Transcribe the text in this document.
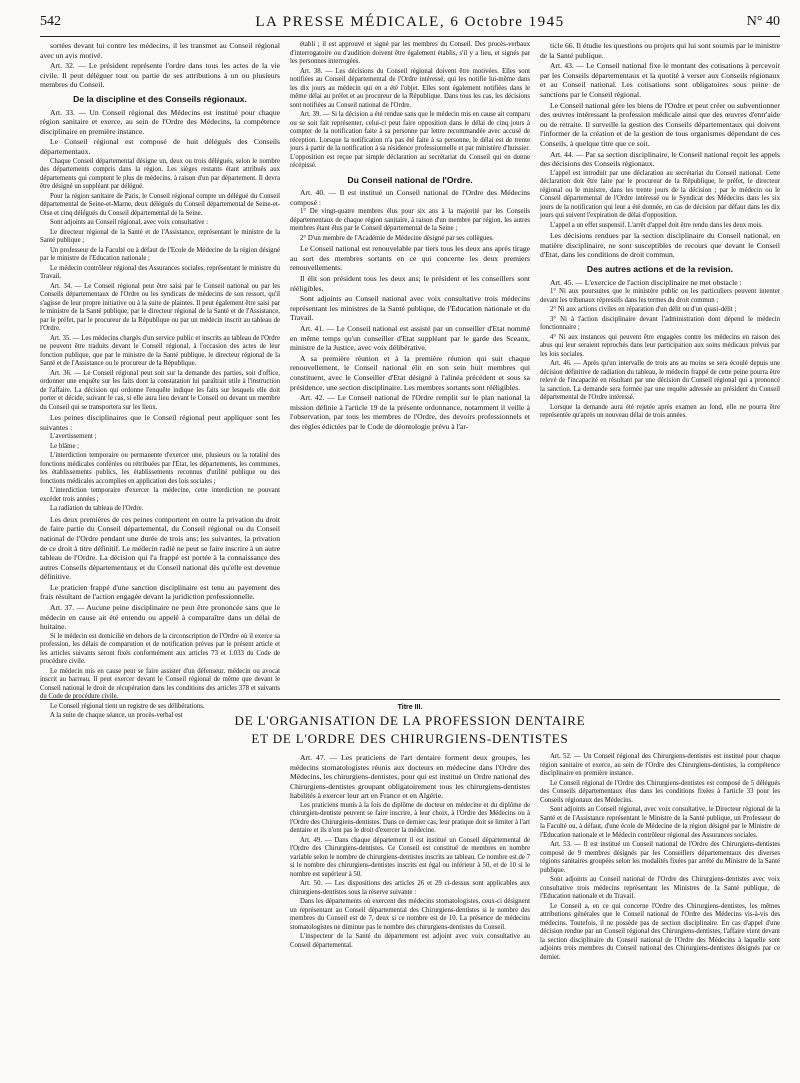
542	LA PRESSE MÉDICALE, 6 Octobre 1945	N° 40

sortées devant lui contre les médecins, il les transmet au Conseil régional avec un avis motivé.

Art. 32. — Le président représente l'ordre dans tous les actes de la vie civile. Il peut déléguer tout ou partie de ses attributions à un ou plusieurs membres du Conseil.

De la discipline et des Conseils régionaux.

Art. 33. — Un Conseil régional des Médecins est institué pour chaque région sanitaire et exerce, au sein de l'Ordre des Médecins, la compétence disciplinaire en première instance.

Le Conseil régional est composé de huit délégués des Conseils départementaux.

Chaque Conseil départemental désigne un, deux ou trois délégués, selon le nombre des départements compris dans la région. Les sièges restants étant attribués aux départements qui comptent le plus de médecins, à raison d'un par département. Il devra être désigné un suppléant par délégué.

Pour la région sanitaire de Paris, le Conseil régional compte un délégué du Conseil départemental de Seine-et-Marne, deux délégués du Conseil départemental de Seine-et-Oise et cinq délégués du Conseil départemental de la Seine.

Sont adjoints au Conseil régional, avec voix consultative :

Le directeur régional de la Santé et de l'Assistance, représentant le ministre de la Santé publique ;

Un professeur de la Faculté ou à défaut de l'Ecole de Médecine de la région désigné par le ministre de l'Education nationale ;

Le médecin contrôleur régional des Assurances sociales, représentant le ministre du Travail.

Art. 34. — Le Conseil régional peut être saisi par le Conseil national ou par les Conseils départementaux de l'Ordre ou les syndicats de médecins de son ressort, qu'il s'agisse de leur propre initiative ou à la suite de plaintes. Il peut également être saisi par le ministre de la Santé publique, par le directeur régional de la Santé et de l'Assistance, par le préfet, par le procureur de la République ou par un médecin inscrit au tableau de l'Ordre.

Art. 35. — Les médecins chargés d'un service public et inscrits au tableau de l'Ordre ne peuvent être traduits devant le Conseil régional, à l'occasion des actes de leur fonction publique, que par le ministre de la Santé publique, le directeur régional de la Santé et de l'Assistance ou le procureur de la République.

Art. 36. — Le Conseil régional peut soit sur la demande des parties, soit d'office, ordonner une enquête sur les faits dont la constatation lui paraîtrait utile à l'instruction de l'affaire. La décision qui ordonne l'enquête indique les faits sur lesquels elle doit porter et décide, suivant le cas, si elle aura lieu devant le Conseil ou devant un membre du Conseil qui se transportera sur les lieux.

Les peines disciplinaires que le Conseil régional peut appliquer sont les suivantes :

L'avertissement ;

Le blâme ;

L'interdiction temporaire ou permanente d'exercer une, plusieurs ou la totalité des fonctions médicales conférées ou rétribuées par l'Etat, les départements, les communes, les établissements publics, les établissements reconnus d'utilité publique ou des fonctions médicales accomplies en application des lois sociales ;

L'interdiction temporaire d'exercer la médecine, cette interdiction ne pouvant excéder trois années ;

La radiation du tableau de l'Ordre.

Les deux premières de ces peines comportent en outre la privation du droit de faire partie du Conseil départemental, du Conseil régional ou du Conseil national de l'Ordre pendant une durée de trois ans; les suivantes, la privation de ce droit à titre définitif. Le médecin radié ne peut se faire inscrire à un autre tableau de l'Ordre. La décision qui l'a frappé est portée à la connaissance des autres Conseils départementaux et du Conseil national dès qu'elle est devenue définitive.

Le praticien frappé d'une sanction disciplinaire est tenu au payement des frais résultant de l'action engagée devant la juridiction professionnelle.

Art. 37. — Aucune peine disciplinaire ne peut être prononcée sans que le médecin en cause ait été entendu ou appelé à comparaître dans un délai de huitaine.

Si le médecin est domicilié en dehors de la circonscription de l'Ordre où il exerce sa profession, les délais de comparution et de notification prévus par le présent article et les articles suivants seront fixés conformément aux articles 73 et 1.033 du Code de procédure civile.

Le médecin mis en cause peut se faire assister d'un défenseur, médecin ou avocat inscrit au barreau. Il peut exercer devant le Conseil régional de même que devant le Conseil national le droit de récupération dans les conditions des articles 378 et suivants du Code de procédure civile.

Le Conseil régional tient un registre de ses délibérations.

A la suite de chaque séance, un procès-verbal est

établi ; il est approuvé et signé par les membres du Conseil. Des procès-verbaux d'interrogatoire ou d'audition doivent être également établis, s'il y a lieu, et signés par les personnes interrogées.

Art. 38. — Les décisions du Conseil régional doivent être motivées. Elles sont notifiées au Conseil départemental de l'Ordre intéressé, qui les notifie lui-même dans les dix jours au médecin qui en a été l'objet. Elles sont également notifiées dans le même délai au préfet et au procureur de la République. Dans tous les cas, les décisions sont notifiées au Conseil national de l'Ordre.

Art. 39. — Si la décision a été rendue sans que le médecin mis en cause ait comparu ou se soit fait représenter, celui-ci peut faire opposition dans le délai de cinq jours à compter de la notification faite à sa personne par lettre recommandée avec accusé de réception. Lorsque la notification n'a pas été faite à sa personne, le délai est de trente jours à partir de la notification à sa résidence professionnelle et par ministère d'huissier. L'opposition est reçue par simple déclaration au secrétariat du Conseil qui en donne récépissé.

Du Conseil national de l'Ordre.

Art. 40. — Il est institué un Conseil national de l'Ordre des Médecins composé :

1° De vingt-quatre membres élus pour six ans à la majorité par les Conseils départementaux de chaque région sanitaire, à raison d'un membre par région, les autres membres étant élus par le Conseil départemental de la Seine ;

2° D'un membre de l'Académie de Médecine désigné par ses collègues.

Le Conseil national est renouvelable par tiers tous les deux ans après tirage au sort des membres sortants en ce qui concerne les deux premiers renouvellements.

Il élit son président tous les deux ans; le président et les conseillers sont rééligibles.

Sont adjoints au Conseil national avec voix consultative trois médecins représentant les ministres de la Santé publique, de l'Education nationale et du Travail.

Art. 41. — Le Conseil national est assisté par un conseiller d'Etat nommé en même temps qu'un conseiller d'Etat suppléant par le garde des Sceaux, ministre de la Justice, avec voix délibérative.

A sa première réunion et à la première réunion qui suit chaque renouvellement, le Conseil national élit en son sein huit membres qui constituent, avec le Conseiller d'Etat désigné à l'alinéa précédent et sous sa présidence, une section disciplinaire. Les membres sortants sont rééligibles.

Art. 42. — Le Conseil national de l'Ordre remplit sur le plan national la mission définie à l'article 19 de la présente ordonnance, notamment il veille à l'observation, par tous les membres de l'Ordre, des devoirs professionnels et des règles édictées par le Code de déontologie prévu à l'ar-

ticle 66. Il étudie les questions ou projets qui lui sont soumis par le ministre de la Santé publique.

Art. 43. — Le Conseil national fixe le montant des cotisations à percevoir par les Conseils départementaux et la quotité à verser aux Conseils régionaux et au Conseil national. Les cotisations sont obligatoires sous peine de sanctions par le Conseil régional.

Le Conseil national gère les biens de l'Ordre et peut créer ou subventionner des œuvres intéressant la profession médicale ainsi que des œuvres d'entr'aide ou de retraite. Il surveille la gestion des Conseils départementaux qui doivent l'informer de la création et de la gestion de tous organismes dépendant de ces Conseils, à quelque titre que ce soit.

Art. 44. — Par sa section disciplinaire, le Conseil national reçoit les appels des décisions des Conseils régionaux.

L'appel est introduit par une déclaration au secrétariat du Conseil national. Cette déclaration doit être faite par le procureur de la République, le préfet, le directeur régional ou le ministre, dans les trente jours de la décision ; par le médecin ou le Conseil départemental de l'Ordre intéressé ou le Syndicat des Médecins dans les six jours de la notification qui leur a été donnée, en cas de décision par défaut dans les dix jours qui suivent l'expiration de délai d'opposition.

L'appel a un effet suspensif. L'arrêt d'appel doit être rendu dans les deux mois.

Les décisions rendues par la section disciplinaire du Conseil national, en matière disciplinaire, ne sont susceptibles de recours que devant le Conseil d'Etat, dans les conditions de droit commun.

Des autres actions et de la revision.

Art. 45. — L'exercice de l'action disciplinaire ne met obstacle :

1° Ni aux poursuites que le ministère public ou les particuliers peuvent intenter devant les tribunaux répressifs dans les termes du droit commun ;

2° Ni aux actions civiles en réparation d'un délit ou d'un quasi-délit ;

3° Ni à l'action disciplinaire devant l'administration dont dépend le médecin fonctionnaire ;

4° Ni aux instances qui peuvent être engagées contre les médecins en raison des abus qui leur seraient reprochés dans leur participation aux soins médicaux prévus par les lois sociales.

Art. 46. — Après qu'un intervalle de trois ans au moins se sera écoulé depuis une décision définitive de radiation du tableau, le médecin frappé de cette peine pourra être relevé de l'incapacité en résultant par une décision du Conseil régional qui a prononcé la sanction. La demande sera formée par une requête adressée au président du Conseil départemental de l'Ordre intéressé.

Lorsque la demande aura été rejetée après examen au fond, elle ne pourra être représentée qu'après un nouveau délai de trois années.

Titre III.
DE L'ORGANISATION DE LA PROFESSION DENTAIRE
ET DE L'ORDRE DES CHIRURGIENS-DENTISTES

Art. 47. — Les praticiens de l'art dentaire forment deux groupes, les médecins stomatologistes réunis aux docteurs en médecine dans l'Ordre des Médecins, les chirurgiens-dentistes, pour qui est institué un Ordre national des Chirurgiens-dentistes groupant obligatoirement tous les chirurgiens-dentistes habilités à exercer leur art en France et en Algérie.

Les praticiens munis à la fois du diplôme de docteur en médecine et du diplôme de chirurgien-dentiste peuvent se faire inscrire, à leur choix, à l'Ordre des Médecins ou à l'Ordre des Chirurgiens-dentistes. Dans ce dernier cas, leur pratique doit se limiter à l'art dentaire et ils n'ont pas le droit d'exercer la médecine.

Art. 49. — Dans chaque département il est institué un Conseil départemental de l'Ordre des Chirurgiens-dentistes. Ce Conseil est constitué de membres en nombre variable selon le nombre de chirurgiens-dentistes inscrits au tableau. Ce nombre est de 7 si le nombre des chirurgiens-dentistes inscrits est égal ou inférieur à 50, et de 10 si le nombre est supérieur à 50.

Art. 50. — Les dispositions des articles 26 et 29 ci-dessus sont applicables aux chirurgiens-dentistes sous la réserve suivante :

Dans les départements où exercent des médecins stomatologistes, ceux-ci désignent un représentant au Conseil départemental des Chirurgiens-dentistes si le nombre des membres du Conseil est de 7, deux si ce nombre est de 10. La présence de médecins stomatologistes ne diminue pas le nombre des chirurgiens-dentistes du Conseil.

L'inspecteur de la Santé du département est adjoint avec voix consultative au Conseil départemental.

Art. 52. — Un Conseil régional des Chirurgiens-dentistes est institué pour chaque région sanitaire et exerce, au sein de l'Ordre des Chirurgiens-dentistes, la compétence disciplinaire en première instance.

Le Conseil régional de l'Ordre des Chirurgiens-dentistes est composé de 5 délégués des Conseils départementaux élus dans les conditions fixées à l'article 33 pour les Conseils régionaux des Médecins.

Sont adjoints au Conseil régional, avec voix consultative, le Directeur régional de la Santé et de l'Assistance représentant le Ministre de la Santé publique, un Professeur de la Faculté ou, à défaut, d'une école de Médecine de la région désigné par le Ministre de l'Education nationale et le Médecin contrôleur régional des Assurances sociales.

Art. 53. — Il est institué un Conseil national de l'Ordre des Chirurgiens-dentistes composé de 9 membres désignés par les Conseillers départementaux des diverses régions sanitaires groupées selon les modalités fixées par arrêté du Ministre de la Santé publique.

Sont adjoints au Conseil national de l'Ordre des Chirurgiens-dentistes avec voix consultative trois médecins représentant les Ministres de la Santé publique, de l'Education nationale et du Travail.

Le Conseil a, en ce qui concerne l'Ordre des Chirurgiens-dentistes, les mêmes attributions générales que le Conseil national de l'Ordre des Médecins vis-à-vis des médecins. Toutefois, il ne possède pas de section disciplinaire. En cas d'appel d'une décision rendue par un Conseil régional des Chirurgiens-dentistes, l'affaire vient devant la section disciplinaire du Conseil national de l'Ordre des Médecins à laquelle sont adjoints trois membres du Conseil national des Chirurgiens-dentistes désignés par ce dernier.
